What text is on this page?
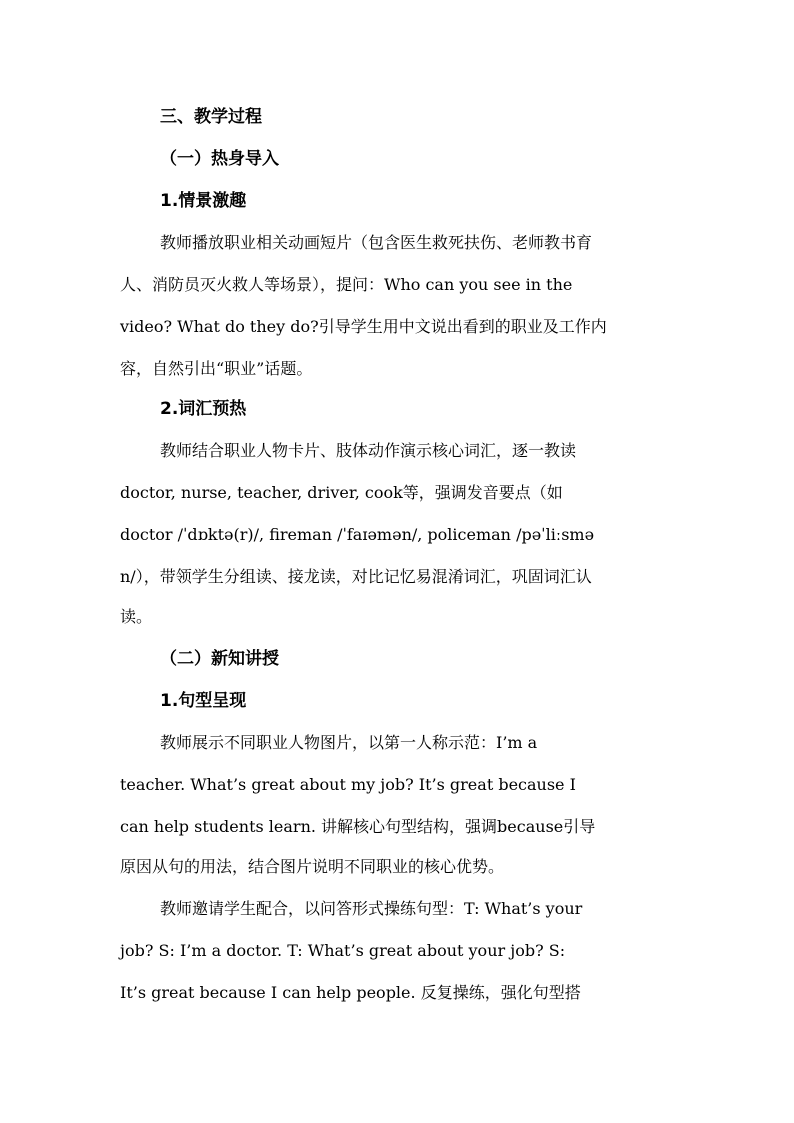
三、教学过程
（一）热身导入
1.情景激趣
教师播放职业相关动画短片（包含医生救死扶伤、老师教书育
人、消防员灭火救人等场景），提问：Who can you see in the
video? What do they do?引导学生用中文说出看到的职业及工作内
容，自然引出“职业”话题。
2.词汇预热
教师结合职业人物卡片、肢体动作演示核心词汇，逐一教读
doctor, nurse, teacher, driver, cook等，强调发音要点（如
doctor /ˈdɒktə(r)/, fireman /ˈfaɪəmən/, policeman /pəˈliːsmə
n/），带领学生分组读、接龙读，对比记忆易混淆词汇，巩固词汇认
读。
（二）新知讲授
1.句型呈现
教师展示不同职业人物图片，以第一人称示范：I’m a
teacher. What’s great about my job? It’s great because I
can help students learn. 讲解核心句型结构，强调because引导
原因从句的用法，结合图片说明不同职业的核心优势。
教师邀请学生配合，以问答形式操练句型：T: What’s your
job? S: I’m a doctor. T: What’s great about your job? S:
It’s great because I can help people. 反复操练，强化句型搭
